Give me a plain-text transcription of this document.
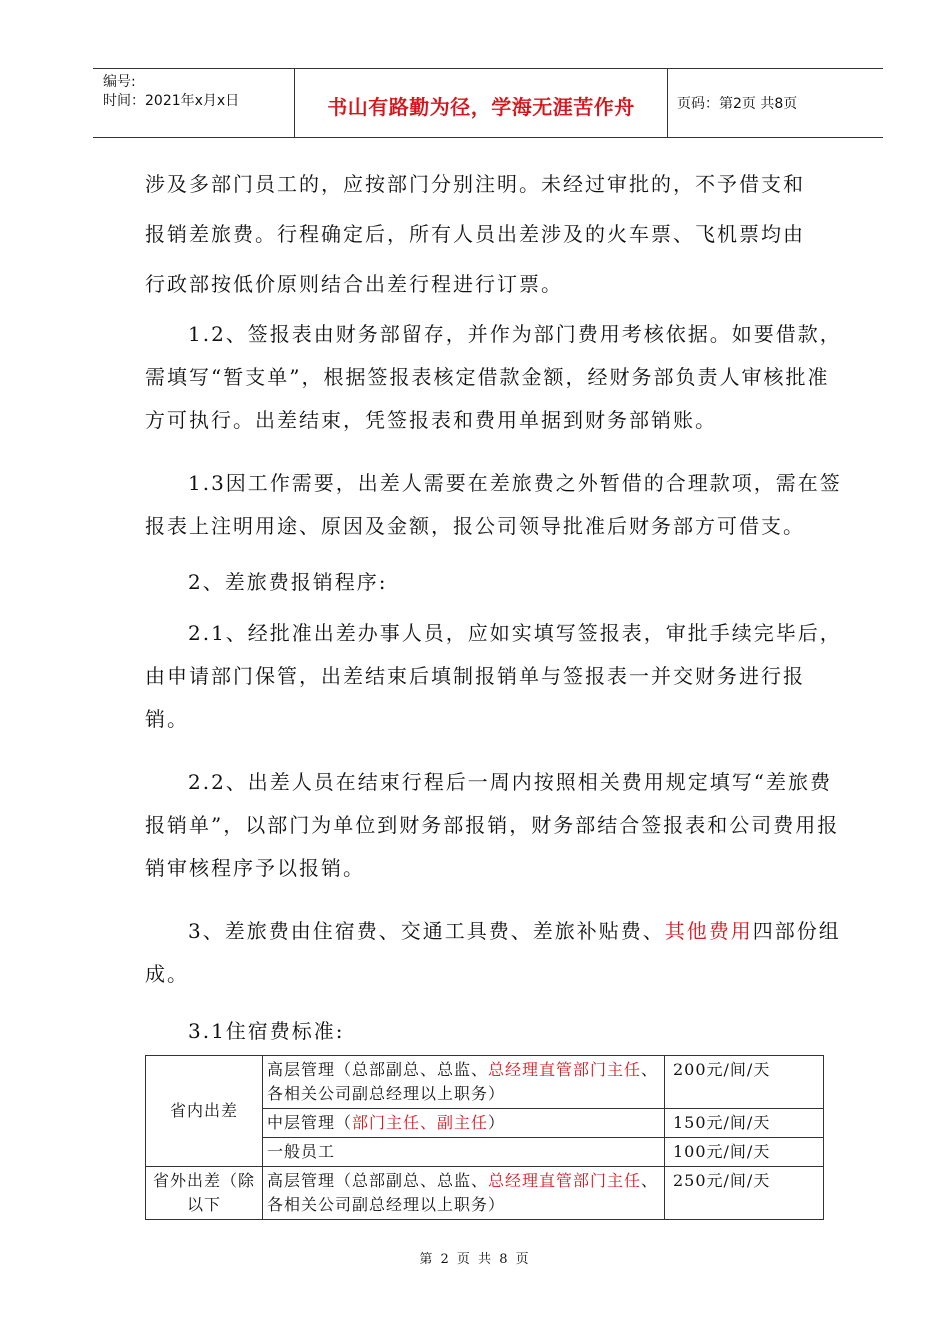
编号:
时间：2021年x月x日	书山有路勤为径，学海无涯苦作舟	页码：第2页 共8页
涉及多部门员工的，应按部门分别注明。未经过审批的，不予借支和
报销差旅费。行程确定后，所有人员出差涉及的火车票、飞机票均由
行政部按低价原则结合出差行程进行订票。

1.2、签报表由财务部留存，并作为部门费用考核依据。如要借款，需填写“暂支单”，根据签报表核定借款金额，经财务部负责人审核批准方可执行。出差结束，凭签报表和费用单据到财务部销账。

1.3因工作需要，出差人需要在差旅费之外暂借的合理款项，需在签报表上注明用途、原因及金额，报公司领导批准后财务部方可借支。

2、差旅费报销程序:

2.1、经批准出差办事人员，应如实填写签报表，审批手续完毕后，由申请部门保管，出差结束后填制报销单与签报表一并交财务进行报销。

2.2、出差人员在结束行程后一周内按照相关费用规定填写“差旅费报销单”，以部门为单位到财务部报销，财务部结合签报表和公司费用报销审核程序予以报销。

3、差旅费由住宿费、交通工具费、差旅补贴费、其他费用四部份组成。

3.1住宿费标准:

省内出差	高层管理（总部副总、总监、总经理直管部门主任、各相关公司副总经理以上职务）	200元/间/天
	中层管理（部门主任、副主任）	150元/间/天
	一般员工	100元/间/天
省外出差（除以下	高层管理（总部副总、总监、总经理直管部门主任、各相关公司副总经理以上职务）	250元/间/天
第 2 页 共 8 页
